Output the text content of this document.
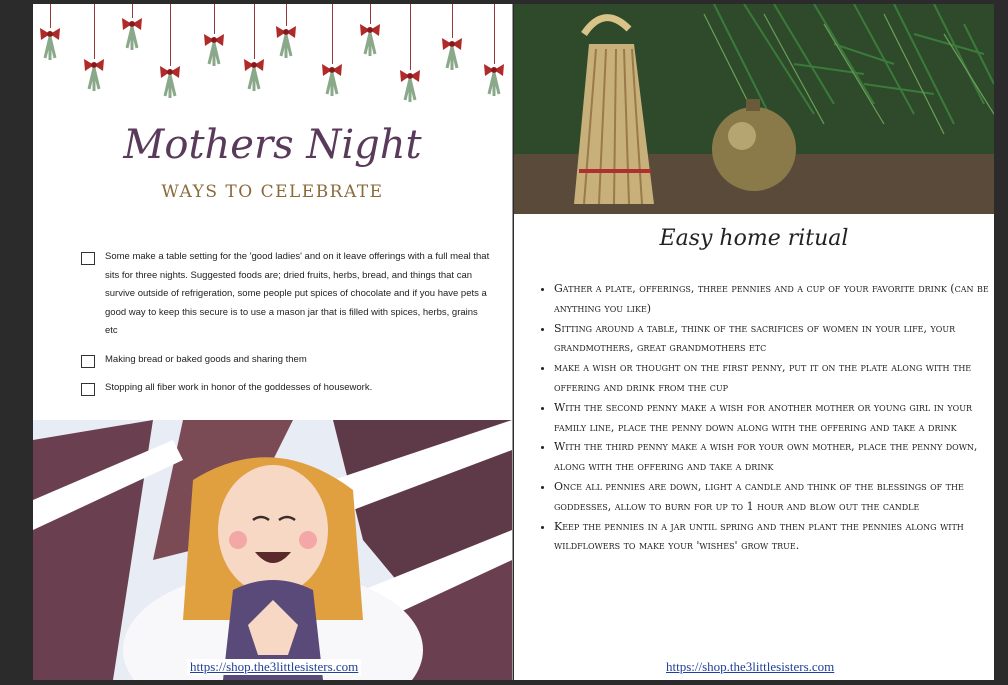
Mothers Night
WAYS TO CELEBRATE
Some make a table setting for the 'good ladies' and on it leave offerings with a full meal that sits for three nights. Suggested foods are; dried fruits, herbs, bread, and things that can survive outside of refrigeration, some people put spices of chocolate and if you have pets a good way to keep this secure is to use a mason jar that is filled with spices, herbs, grains etc
Making bread or baked goods and sharing them
Stopping all fiber work in honor of the goddesses of housework.
https://shop.the3littlesisters.com
Easy home ritual
• Gather a plate, offerings, three pennies and a cup of your favorite drink (can be anything you like)
• Sitting around a table, think of the sacrifices of women in your life, your grandmothers, great grandmothers etc
• make a wish or thought on the first penny, put it on the plate along with the offering and drink from the cup
• With the second penny make a wish for another mother or young girl in your family line, place the penny down along with the offering and take a drink
• With the third penny make a wish for your own mother, place the penny down, along with the offering and take a drink
• Once all pennies are down, light a candle and think of the blessings of the goddesses, allow to burn for up to 1 hour and blow out the candle
• Keep the pennies in a jar until spring and then plant the pennies along with wildflowers to make your 'wishes' grow true.
https://shop.the3littlesisters.com
